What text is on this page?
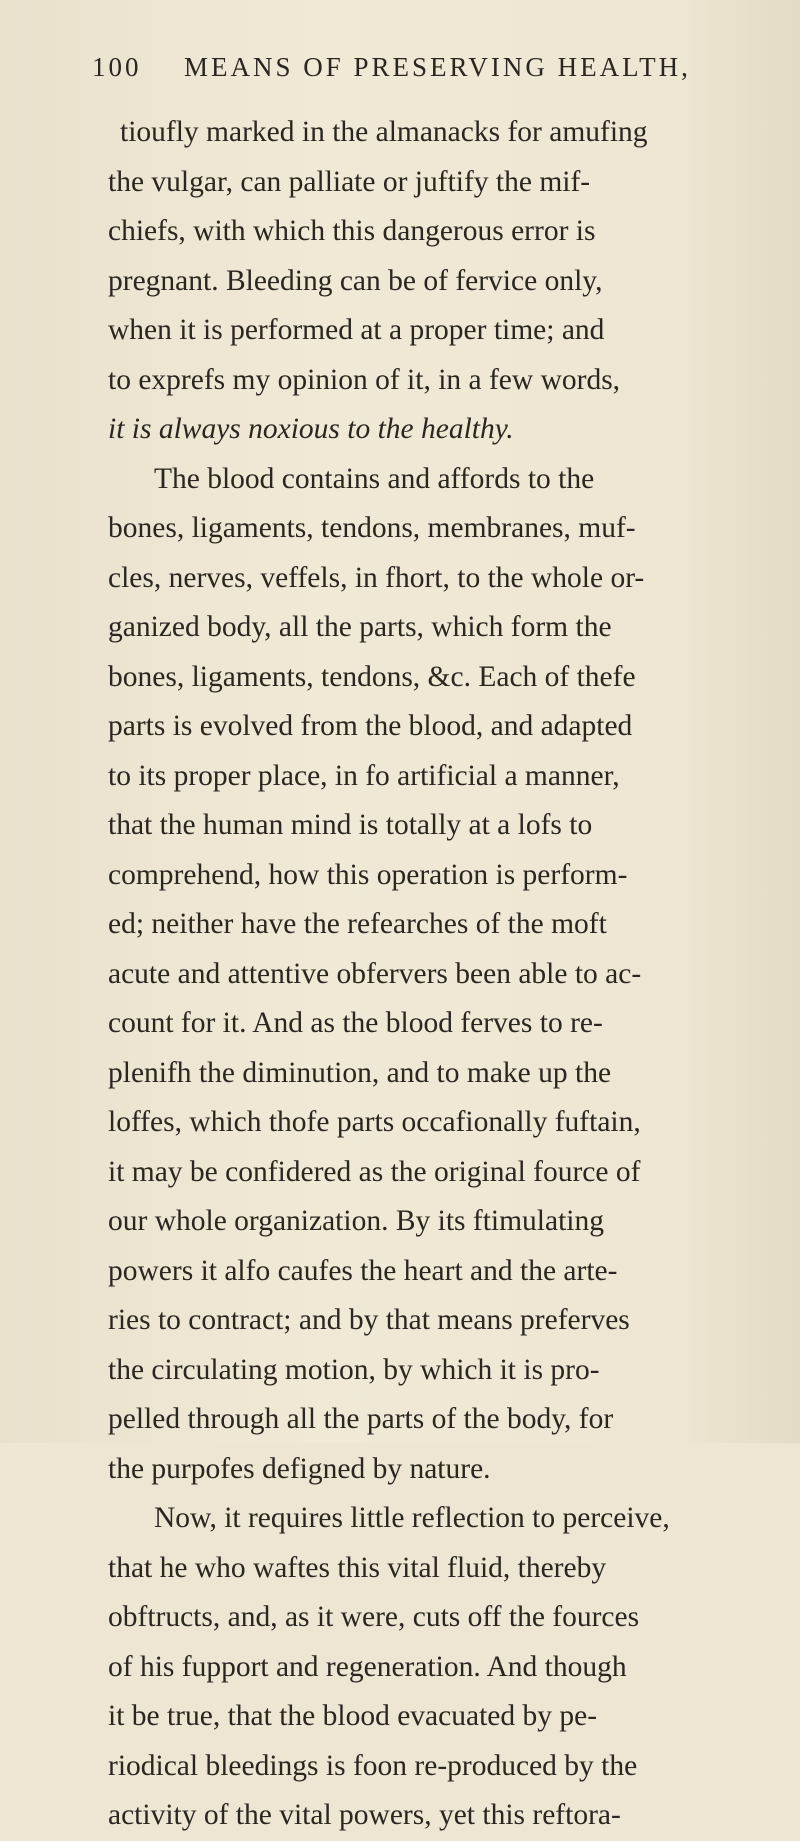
100 MEANS OF PRESERVING HEALTH,
tioufly marked in the almanacks for amufing
the vulgar, can palliate or juftify the mif-
chiefs, with which this dangerous error is
pregnant. Bleeding can be of fervice only,
when it is performed at a proper time; and
to exprefs my opinion of it, in a few words,
it is always noxious to the healthy.
The blood contains and affords to the
bones, ligaments, tendons, membranes, muf-
cles, nerves, veffels, in fhort, to the whole or-
ganized body, all the parts, which form the
bones, ligaments, tendons, &c. Each of thefe
parts is evolved from the blood, and adapted
to its proper place, in fo artificial a manner,
that the human mind is totally at a lofs to
comprehend, how this operation is perform-
ed; neither have the refearches of the moft
acute and attentive obfervers been able to ac-
count for it. And as the blood ferves to re-
plenifh the diminution, and to make up the
loffes, which thofe parts occafionally fuftain,
it may be confidered as the original fource of
our whole organization. By its ftimulating
powers it alfo caufes the heart and the arte-
ries to contract; and by that means preferves
the circulating motion, by which it is pro-
pelled through all the parts of the body, for
the purpofes defigned by nature.
Now, it requires little reflection to perceive,
that he who waftes this vital fluid, thereby
obftructs, and, as it were, cuts off the fources
of his fupport and regeneration. And though
it be true, that the blood evacuated by pe-
riodical bleedings is foon re-produced by the
activity of the vital powers, yet this reftora-
